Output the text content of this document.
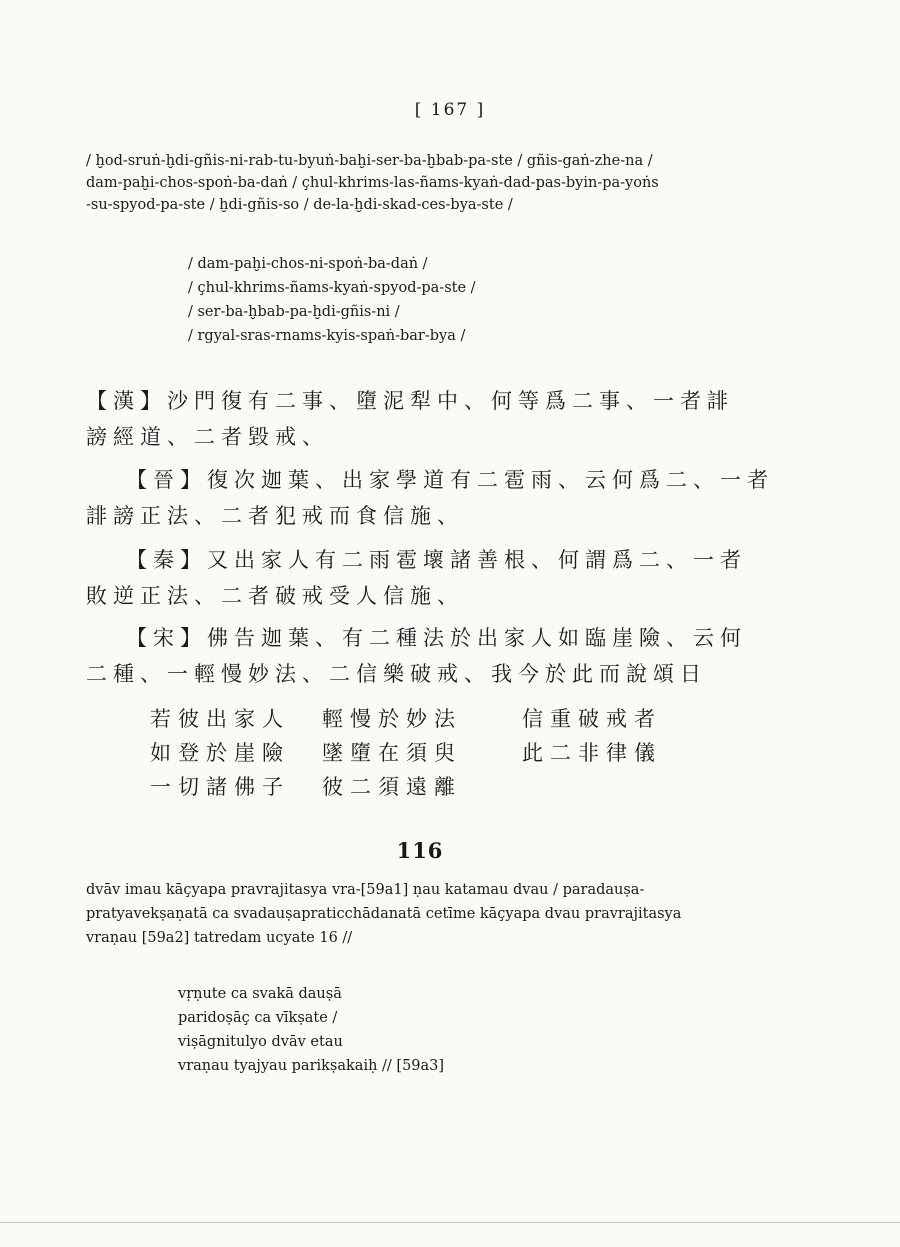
[ 167 ]

/ ḫod-sruṅ-ḫdi-gñis-ni-rab-tu-byuṅ-baḫi-ser-ba-ḫbab-pa-ste / gñis-gaṅ-zhe-na /

dam-paḫi-chos-spoṅ-ba-daṅ / çhul-khrims-las-ñams-kyaṅ-dad-pas-byin-pa-yoṅs

-su-spyod-pa-ste / ḫdi-gñis-so / de-la-ḫdi-skad-ces-bya-ste /

/ dam-paḫi-chos-ni-spoṅ-ba-daṅ /

/ çhul-khrims-ñams-kyaṅ-spyod-pa-ste /

/ ser-ba-ḫbab-pa-ḫdi-gñis-ni /

/ rgyal-sras-rnams-kyis-spaṅ-bar-bya /

【漢】沙門復有二事、墮泥犁中、何等爲二事、一者誹

謗經道、二者毀戒、

【晉】復次迦葉、出家學道有二雹雨、云何爲二、一者

誹謗正法、二者犯戒而食信施、

【秦】又出家人有二雨雹壞諸善根、何謂爲二、一者

敗逆正法、二者破戒受人信施、

【宋】佛告迦葉、有二種法於出家人如臨崖險、云何

二種、一輕慢妙法、二信樂破戒、我今於此而說頌日

若彼出家人	輕慢於妙法	信重破戒者
如登於崖險	墜墮在須臾	此二非律儀
一切諸佛子	彼二須遠離
116

dvāv imau kāçyapa pravrajitasya vra-[59a1] ṇau katamau dvau / paradauṣa-

pratyavekṣaṇatā ca svadauṣapraticchādanatā cetīme kāçyapa dvau pravrajitasya

vraṇau [59a2] tatredam ucyate 16 //

vṛṇute ca svakā dauṣā

paridoṣāç ca vīkṣate /

viṣāgnitulyo dvāv etau

vraṇau tyajyau parikṣakaiḥ // [59a3]
